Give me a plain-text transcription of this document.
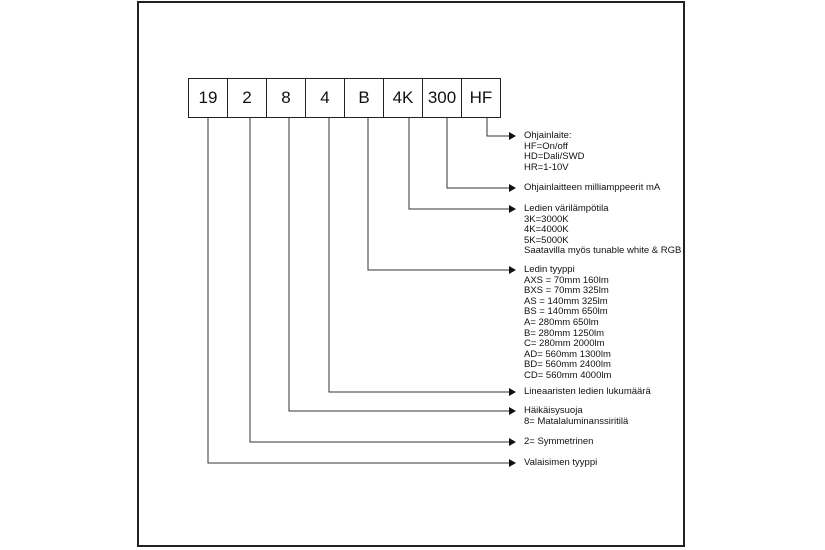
19	2	8	4	B	4K 300 HF
Ohjainlaite:
HF=On/off
HD=Dali/SWD
HR=1-10V
Ohjainlaitteen milliamppeerit mA
Ledien värilämpötila
3K=3000K
4K=4000K
5K=5000K
Saatavilla myös tunable white & RGB
Ledin tyyppi
AXS = 70mm 160lm
BXS = 70mm 325lm
AS = 140mm 325lm
BS = 140mm 650lm
A= 280mm 650lm
B= 280mm 1250lm
C= 280mm 2000lm
AD= 560mm 1300lm
BD= 560mm 2400lm
CD= 560mm 4000lm
Lineaaristen ledien lukumäärä
Häikäisysuoja
8= Matalaluminanssiritilä
2= Symmetrinen
Valaisimen tyyppi
